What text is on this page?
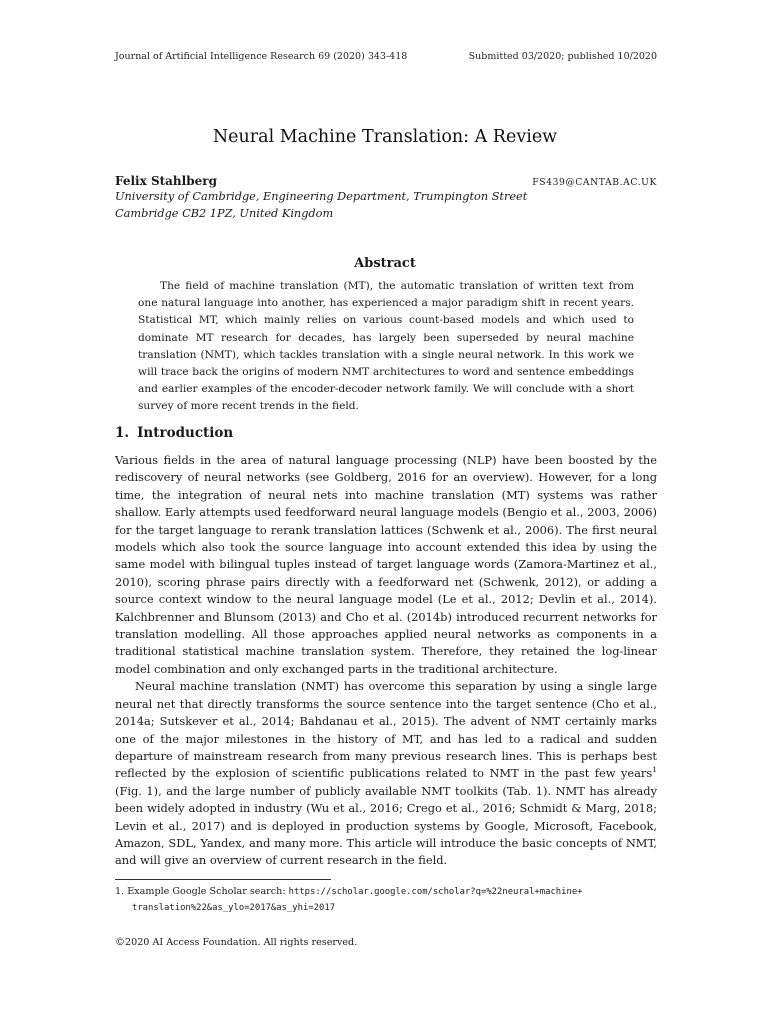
Journal of Artificial Intelligence Research 69 (2020) 343-418	Submitted 03/2020; published 10/2020
Neural Machine Translation: A Review
Felix Stahlberg	FS439@CANTAB.AC.UK
University of Cambridge, Engineering Department, Trumpington Street
Cambridge CB2 1PZ, United Kingdom
Abstract

The field of machine translation (MT), the automatic translation of written text from one natural language into another, has experienced a major paradigm shift in recent years. Statistical MT, which mainly relies on various count-based models and which used to dominate MT research for decades, has largely been superseded by neural machine translation (NMT), which tackles translation with a single neural network. In this work we will trace back the origins of modern NMT architectures to word and sentence embeddings and earlier examples of the encoder-decoder network family. We will conclude with a short survey of more recent trends in the field.

1. Introduction

Various fields in the area of natural language processing (NLP) have been boosted by the rediscovery of neural networks (see Goldberg, 2016 for an overview). However, for a long time, the integration of neural nets into machine translation (MT) systems was rather shallow. Early attempts used feedforward neural language models (Bengio et al., 2003, 2006) for the target language to rerank translation lattices (Schwenk et al., 2006). The first neural models which also took the source language into account extended this idea by using the same model with bilingual tuples instead of target language words (Zamora-Martinez et al., 2010), scoring phrase pairs directly with a feedforward net (Schwenk, 2012), or adding a source context window to the neural language model (Le et al., 2012; Devlin et al., 2014). Kalchbrenner and Blunsom (2013) and Cho et al. (2014b) introduced recurrent networks for translation modelling. All those approaches applied neural networks as components in a traditional statistical machine translation system. Therefore, they retained the log-linear model combination and only exchanged parts in the traditional architecture.

Neural machine translation (NMT) has overcome this separation by using a single large neural net that directly transforms the source sentence into the target sentence (Cho et al., 2014a; Sutskever et al., 2014; Bahdanau et al., 2015). The advent of NMT certainly marks one of the major milestones in the history of MT, and has led to a radical and sudden departure of mainstream research from many previous research lines. This is perhaps best reflected by the explosion of scientific publications related to NMT in the past few years$^1$ (Fig. 1), and the large number of publicly available NMT toolkits (Tab. 1). NMT has already been widely adopted in industry (Wu et al., 2016; Crego et al., 2016; Schmidt & Marg, 2018; Levin et al., 2017) and is deployed in production systems by Google, Microsoft, Facebook, Amazon, SDL, Yandex, and many more. This article will introduce the basic concepts of NMT, and will give an overview of current research in the field.

1. Example Google Scholar search: https://scholar.google.com/scholar?q=%22neural+machine+
translation%22&as_ylo=2017&as_yhi=2017
©2020 AI Access Foundation. All rights reserved.
